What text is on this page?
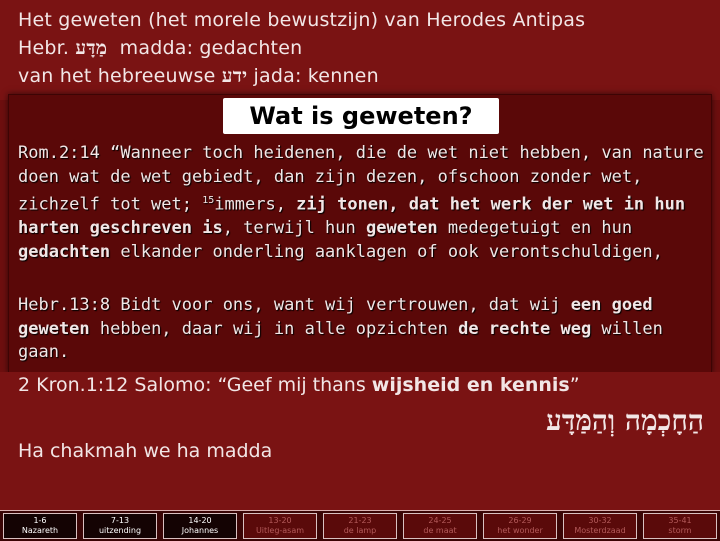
Het geweten (het morele bewustzijn) van Herodes Antipas
Hebr. מַדָּע madda: gedachten
van het hebreeuwse ידע jada: kennen
Wat is geweten?
Rom.2:14 “Wanneer toch heidenen, die de wet niet hebben, van nature doen wat de wet gebiedt, dan zijn dezen, ofschoon zonder wet, zichzelf tot wet; $^{15}$immers, zij tonen, dat het werk der wet in hun harten geschreven is, terwijl hun geweten medegetuigt en hun gedachten elkander onderling aanklagen of ook verontschuldigen,
Hebr.13:8 Bidt voor ons, want wij vertrouwen, dat wij een goed geweten hebben, daar wij in alle opzichten de rechte weg willen gaan.
2 Kron.1:12 Salomo: “Geef mij thans wijsheid en kennis”
הַחָכְמָה וְהַמַּדָּע
Ha chakmah we ha madda
1-6
Nazareth
7-13
uitzending
14-20
Johannes
13-20
Uitleg-asam
21-23
de lamp
24-25
de maat
26-29
het wonder
30-32
Mosterdzaad
35-41
storm
